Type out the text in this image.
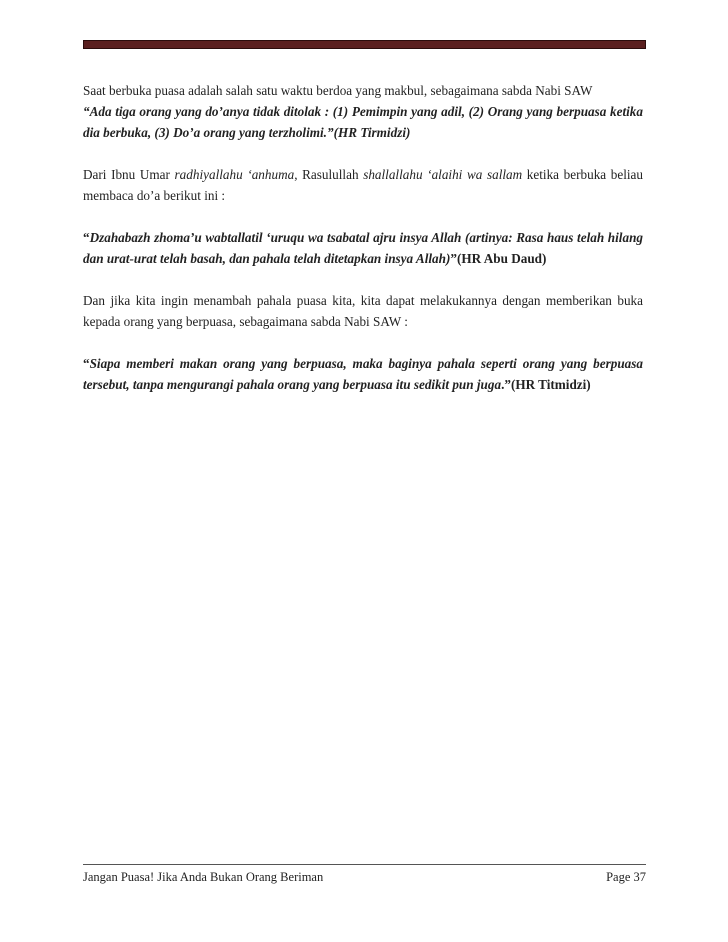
Saat berbuka puasa adalah salah satu waktu berdoa yang makbul, sebagaimana sabda Nabi SAW
“Ada tiga orang yang do’anya tidak ditolak : (1) Pemimpin yang adil, (2) Orang yang berpuasa ketika dia berbuka, (3) Do’a orang yang terzholimi.”(HR Tirmidzi)

Dari Ibnu Umar radhiyallahu ‘anhuma, Rasulullah shallallahu ‘alaihi wa sallam ketika berbuka beliau membaca do’a berikut ini :

“Dzahabazh zhoma’u wabtallatil ‘uruqu wa tsabatal ajru insya Allah (artinya: Rasa haus telah hilang dan urat-urat telah basah, dan pahala telah ditetapkan insya Allah)”(HR Abu Daud)

Dan jika kita ingin menambah pahala puasa kita, kita dapat melakukannya dengan memberikan buka kepada orang yang berpuasa, sebagaimana sabda Nabi SAW :

“Siapa memberi makan orang yang berpuasa, maka baginya pahala seperti orang yang berpuasa tersebut, tanpa mengurangi pahala orang yang berpuasa itu sedikit pun juga.”(HR Titmidzi)

Jangan Puasa! Jika Anda Bukan Orang Beriman	Page 37
